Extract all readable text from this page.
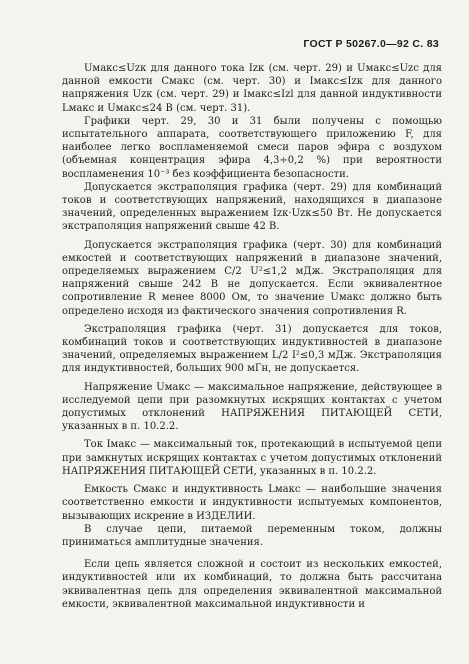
ГОСТ Р 50267.0—92 С. 83

Uмакс≤Uzк для данного тока Izк (см. черт. 29) и Uмакс≤Uzс для данной емкости Cмакс (см. черт. 30) и Iмакс≤Izк для данного напряжения Uzк (см. черт. 29) и Iмакс≤Izl для данной индуктивности Lмакс и Uмакс≤24 В (см. черт. 31).

Графики черт. 29, 30 и 31 были получены с помощью испытательного аппарата, соответствующего приложению F, для наиболее легко воспламеняемой смеси паров эфира с воздухом (объемная концентрация эфира 4,3÷0,2 %) при вероятности воспламенения 10⁻³ без коэффициента безопасности.

Допускается экстраполяция графика (черт. 29) для комбинаций токов и соответствующих напряжений, находящихся в диапазоне значений, определенных выражением Izк·Uzк≤50 Вт. Не допускается экстраполяция напряжений свыше 42 В.

Допускается экстраполяция графика (черт. 30) для комбинаций емкостей и соответствующих напряжений в диапазоне значений, определяемых выражением C/2 U²≤1,2 мДж. Экстраполяция для напряжений свыше 242 В не допускается. Если эквивалентное сопротивление R менее 8000 Ом, то значение Uмакс должно быть определено исходя из фактического значения сопротивления R.

Экстраполяция графика (черт. 31) допускается для токов, комбинаций токов и соответствующих индуктивностей в диапазоне значений, определяемых выражением L/2 I²≤0,3 мДж. Экстраполяция для индуктивностей, больших 900 мГн, не допускается.

Напряжение Uмакс — максимальное напряжение, действующее в исследуемой цепи при разомкнутых искрящих контактах с учетом допустимых отклонений НАПРЯЖЕНИЯ ПИТАЮЩЕЙ СЕТИ, указанных в п. 10.2.2.

Ток Iмакс — максимальный ток, протекающий в испытуемой цепи при замкнутых искрящих контактах с учетом допустимых отклонений НАПРЯЖЕНИЯ ПИТАЮЩЕЙ СЕТИ, указанных в п. 10.2.2.

Емкость Cмакс и индуктивность Lмакс — наибольшие значения соответственно емкости и индуктивности испытуемых компонентов, вызывающих искрение в ИЗДЕЛИИ.

В случае цепи, питаемой переменным током, должны приниматься амплитудные значения.

Если цепь является сложной и состоит из нескольких емкостей, индуктивностей или их комбинаций, то должна быть рассчитана эквивалентная цепь для определения эквивалентной максимальной емкости, эквивалентной максимальной индуктивности и
